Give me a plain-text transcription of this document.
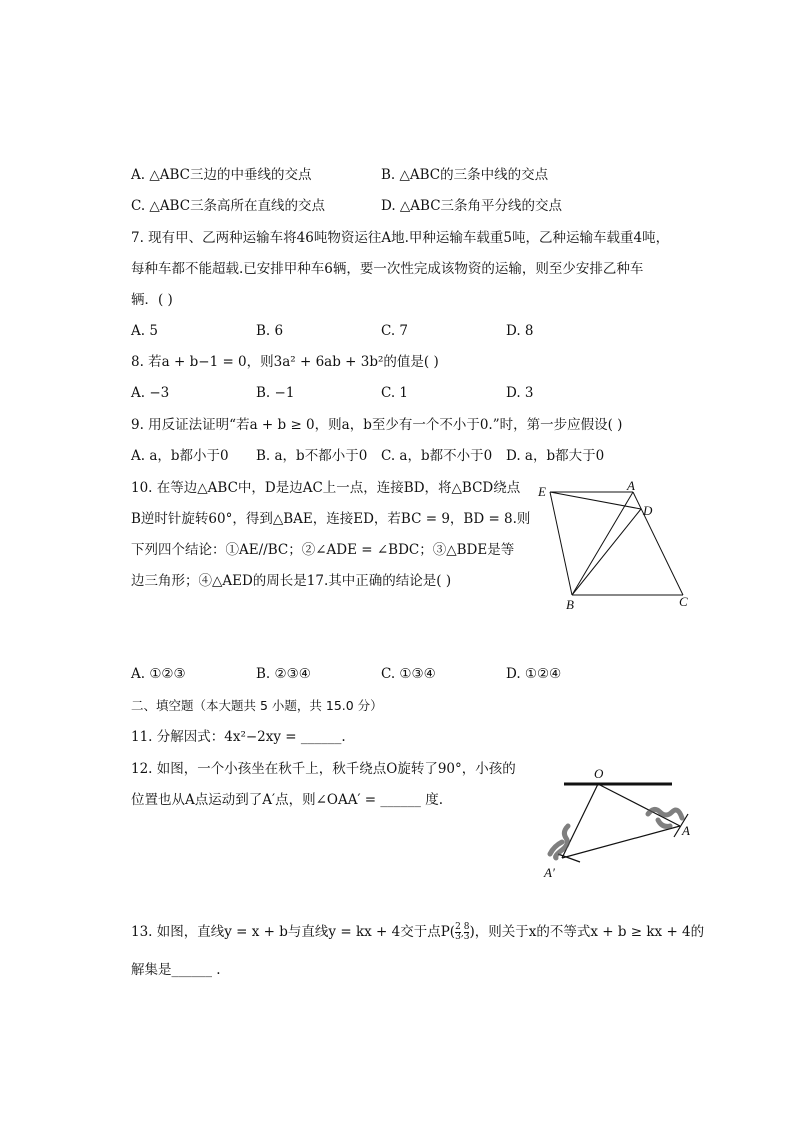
A. △ABC三边的中垂线的交点	B. △ABC的三条中线的交点
C. △ABC三条高所在直线的交点	D. △ABC三条角平分线的交点
7. 现有甲、乙两种运输车将46吨物资运往A地.甲种运输车载重5吨，乙种运输车载重4吨，
每种车都不能超载.已安排甲种车6辆，要一次性完成该物资的运输，则至少安排乙种车
辆．( )
A. 5	B. 6	C. 7	D. 8
8. 若a + b−1 = 0，则3a² + 6ab + 3b²的值是( )
A. −3	B. −1	C. 1	D. 3
9. 用反证法证明“若a + b ≥ 0，则a，b至少有一个不小于0.”时，第一步应假设( )
A. a，b都小于0 B. a，b不都小于0 C. a，b都不小于0 D. a，b都大于0
10. 在等边△ABC中，D是边AC上一点，连接BD，将△BCD绕点
B逆时针旋转60°，得到△BAE，连接ED，若BC = 9，BD = 8.则
下列四个结论：①AE//BC；②∠ADE = ∠BDC；③△BDE是等
边三角形；④△AED的周长是17.其中正确的结论是( )
E	A
D
B	C
A. ①②③	B. ②③④	C. ①③④	D. ①②④
二、填空题（本大题共 5 小题，共 15.0 分）
11. 分解因式：4x²−2xy = ______.
12. 如图，一个小孩坐在秋千上，秋千绕点O旋转了90°，小孩的
位置也从A点运动到了A′点，则∠OAA′ = ______ 度.
O
A
A′
13. 如图，直线y = x + b与直线y = kx + 4交于点$P( \frac{2}{3}$ , $\frac{8}{3}$ )，则关于x的不等式x + b ≥ kx + 4的
解集是______ .
